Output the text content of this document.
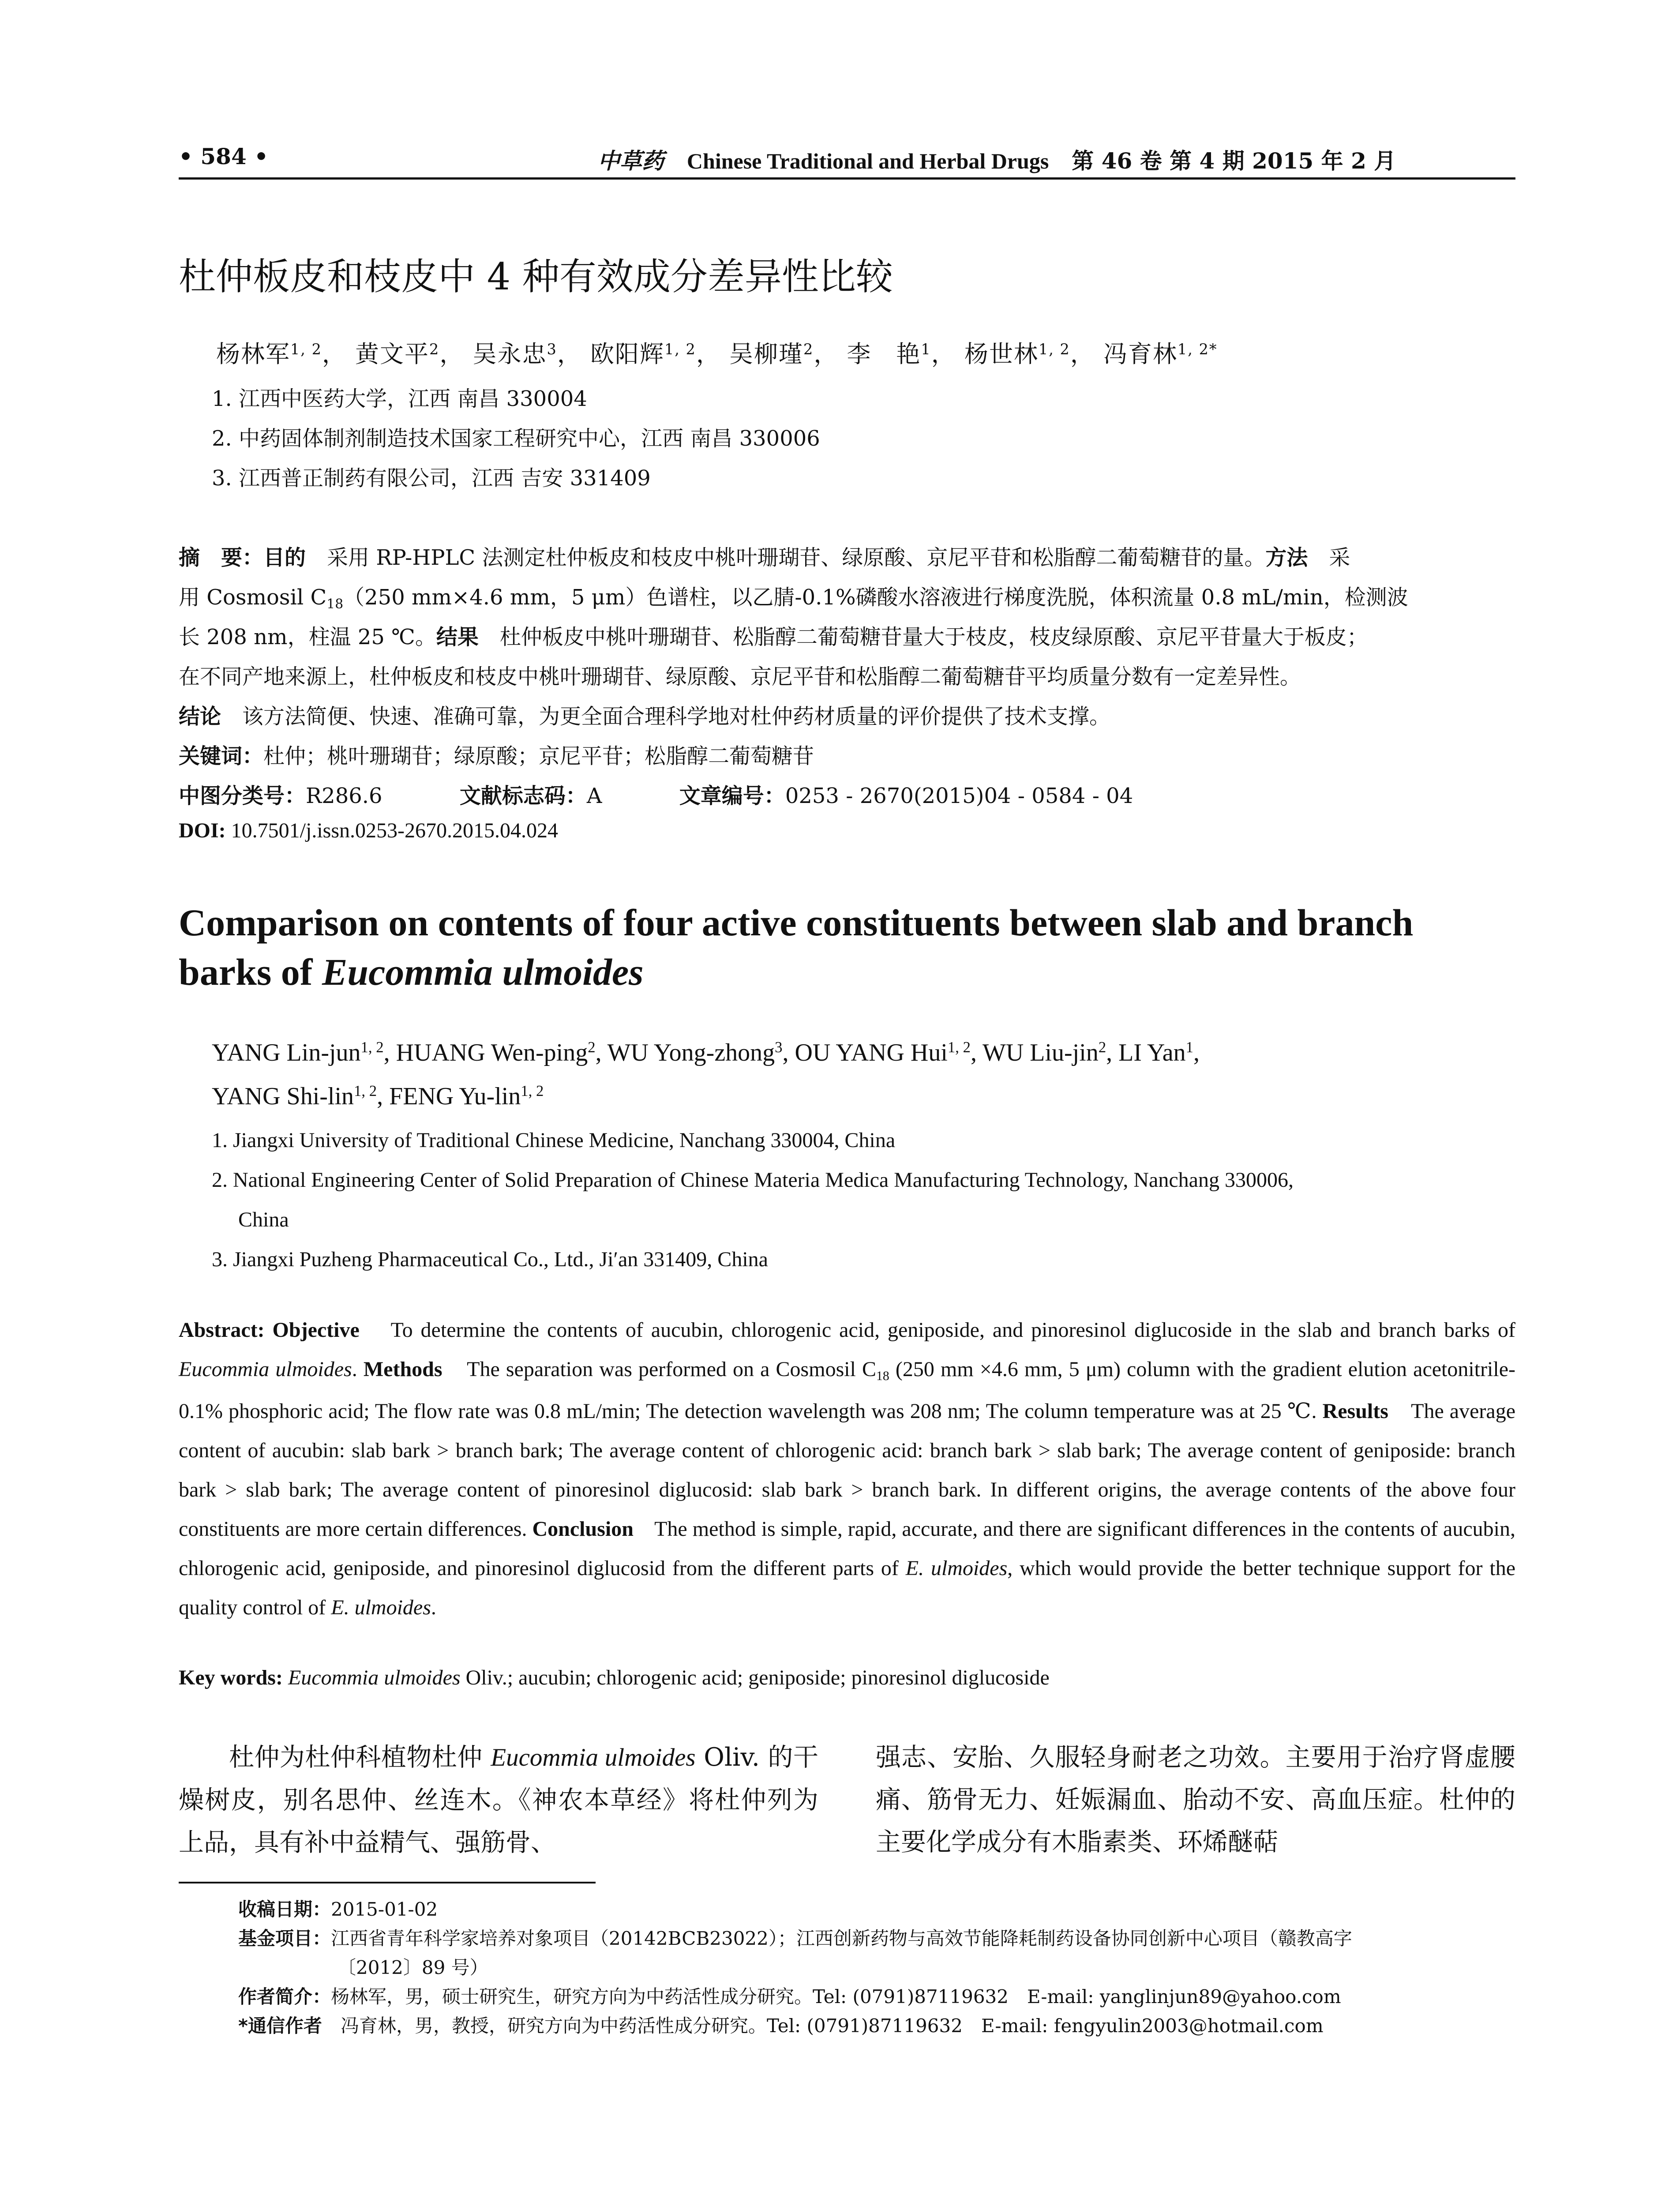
• 584 •	中草药 Chinese Traditional and Herbal Drugs 第 46 卷 第 4 期 2015 年 2 月
杜仲板皮和枝皮中 4 种有效成分差异性比较
杨林军$^{1, 2}$， 黄文平$^2$， 吴永忠$^3$， 欧阳辉$^{1, 2}$， 吴柳瑾$^2$， 李　艳$^1$， 杨世林$^{1, 2}$， 冯育林$^{1, 2*}$
1. 江西中医药大学，江西 南昌 330004
2. 中药固体制剂制造技术国家工程研究中心，江西 南昌 330006
3. 江西普正制药有限公司，江西 吉安 331409
摘　要：目的　 采用 RP-HPLC 法测定杜仲板皮和枝皮中桃叶珊瑚苷、绿原酸、京尼平苷和松脂醇二葡萄糖苷的量。方法　 采
用 Cosmosil $C_{18}(250$ mm×4.6 mm，5 μm）色谱柱，以乙腈-0.1%磷酸水溶液进行梯度洗脱，体积流量 0.8 mL/min，检测波
长 208 nm，柱温 25 ℃。结果　 杜仲板皮中桃叶珊瑚苷、松脂醇二葡萄糖苷量大于枝皮，枝皮绿原酸、京尼平苷量大于板皮；
在不同产地来源上，杜仲板皮和枝皮中桃叶珊瑚苷、绿原酸、京尼平苷和松脂醇二葡萄糖苷平均质量分数有一定差异性。
结论　 该方法简便、快速、准确可靠，为更全面合理科学地对杜仲药材质量的评价提供了技术支撑。
关键词：杜仲；桃叶珊瑚苷；绿原酸；京尼平苷；松脂醇二葡萄糖苷
中图分类号：R286.6	文献标志码：A	文章编号：0253 - 2670(2015)04 - 0584 - 04
DOI: 10.7501/j.issn.0253-2670.2015.04.024
Comparison on contents of four active constituents between slab and branch barks of Eucommia ulmoides
YANG Lin-jun$^{1, 2}$, HUANG Wen-ping$^2$, WU Yong-zhong$^3$, OU YANG Hui$^{1, 2}$, WU Liu-jin$^2$, LI Yan$^1$,
YANG Shi-lin$^{1, 2}$, FENG Yu-lin$^{1, 2}$
1. Jiangxi University of Traditional Chinese Medicine, Nanchang 330004, China
2. National Engineering Center of Solid Preparation of Chinese Materia Medica Manufacturing Technology, Nanchang 330006,
China
3. Jiangxi Puzheng Pharmaceutical Co., Ltd., Ji′an 331409, China
Abstract: Objective To determine the contents of aucubin, chlorogenic acid, geniposide, and pinoresinol diglucoside in the slab and branch barks of Eucommia ulmoides. Methods The separation was performed on a Cosmosil $C_{18}$ (250 mm ×4.6 mm, 5 μm) column with the gradient elution acetonitrile-0.1% phosphoric acid; The flow rate was 0.8 mL/min; The detection wavelength was 208 nm; The column temperature was at 25 ℃. Results The average content of aucubin: slab bark > branch bark; The average content of chlorogenic acid: branch bark > slab bark; The average content of geniposide: branch bark > slab bark; The average content of pinoresinol diglucosid: slab bark > branch bark. In different origins, the average contents of the above four constituents are more certain differences. Conclusion The method is simple, rapid, accurate, and there are significant differences in the contents of aucubin, chlorogenic acid, geniposide, and pinoresinol diglucosid from the different parts of E. ulmoides, which would provide the better technique support for the quality control of E. ulmoides.
Key words: Eucommia ulmoides Oliv.; aucubin; chlorogenic acid; geniposide; pinoresinol diglucoside
杜仲为杜仲科植物杜仲 Eucommia ulmoides Oliv. 的干燥树皮，别名思仲、丝连木。《神农本草经》将杜仲列为上品，具有补中益精气、强筋骨、
强志、安胎、久服轻身耐老之功效。主要用于治疗肾虚腰痛、筋骨无力、妊娠漏血、胎动不安、高血压症。杜仲的主要化学成分有木脂素类、环烯醚萜
收稿日期：2015-01-02
基金项目：江西省青年科学家培养对象项目（20142BCB23022）；江西创新药物与高效节能降耗制药设备协同创新中心项目（赣教高字
〔2012〕89 号）
作者简介：杨林军，男，硕士研究生，研究方向为中药活性成分研究。Tel: (0791)87119632　E-mail: yanglinjun89@yahoo.com
*通信作者　冯育林，男，教授，研究方向为中药活性成分研究。Tel: (0791)87119632　E-mail: fengyulin2003@hotmail.com
